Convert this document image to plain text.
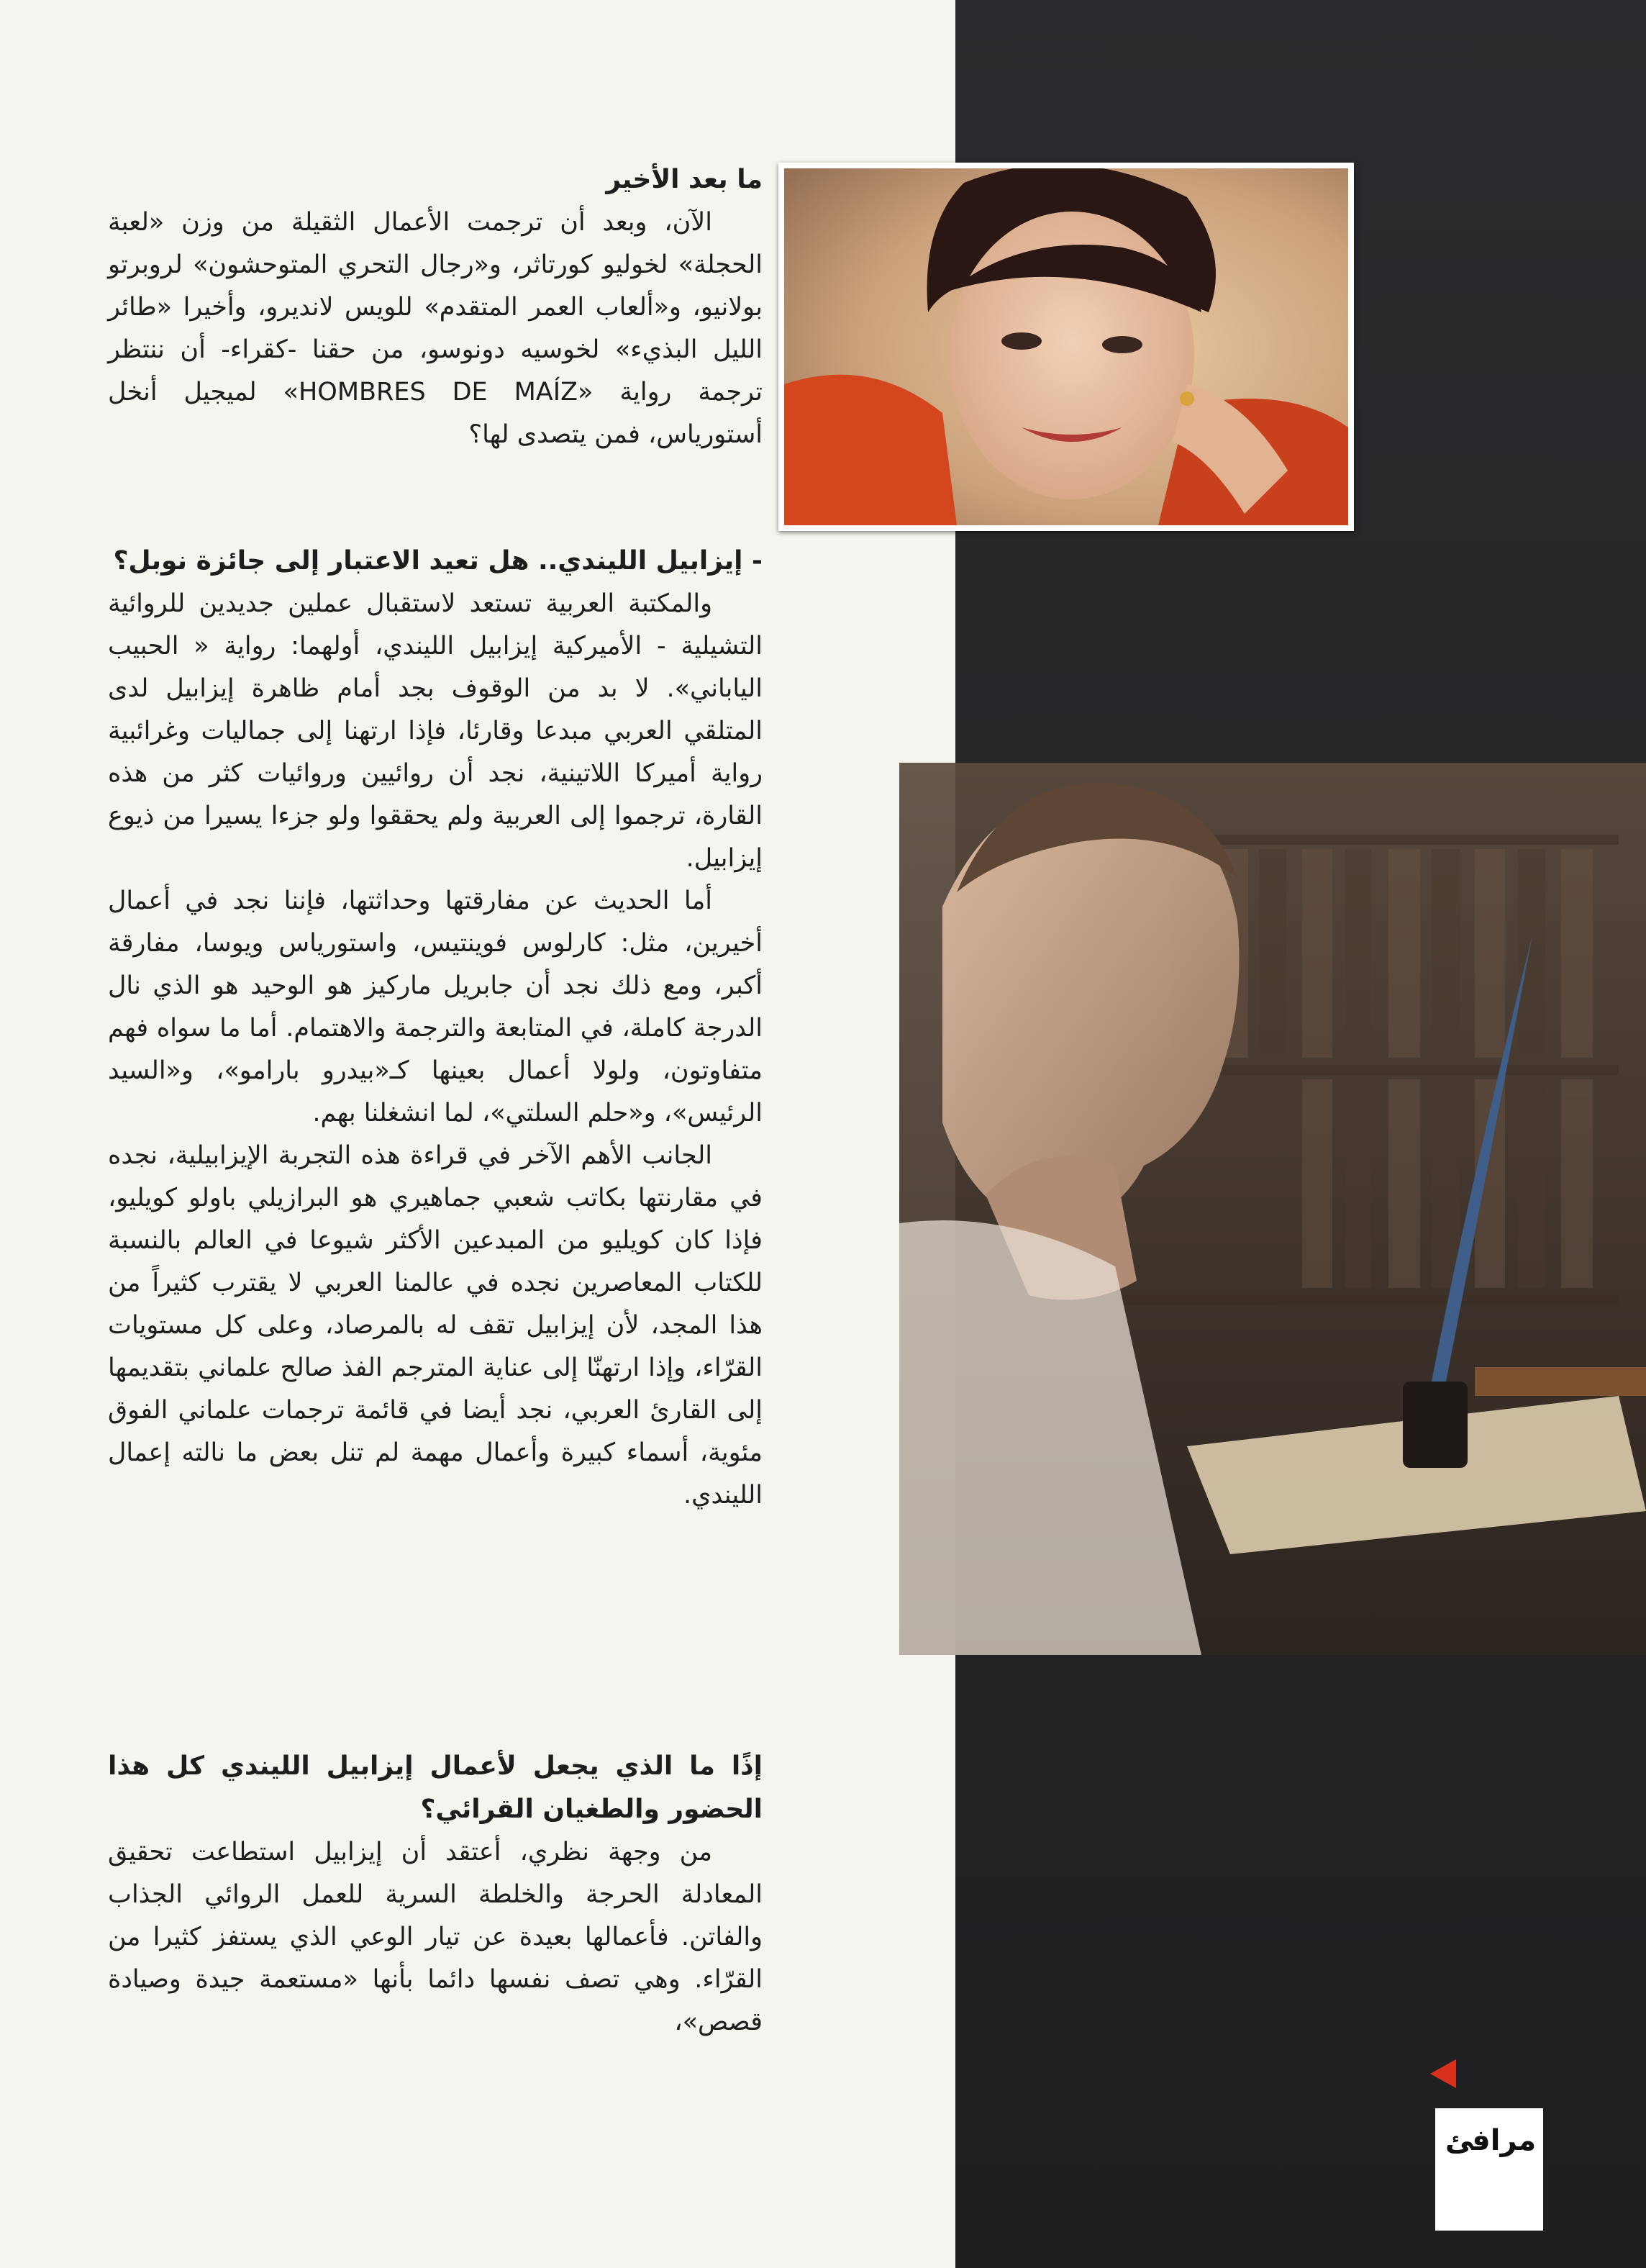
ما بعد الأخير

الآن، وبعد أن ترجمت الأعمال الثقيلة من وزن «لعبة الحجلة» لخوليو كورتاثر، و«رجال التحري المتوحشون» لروبرتو بولانيو، و«ألعاب العمر المتقدم» للويس لانديرو، وأخيرا «طائر الليل البذيء» لخوسيه دونوسو، من حقنا -كقراء- أن ننتظر ترجمة رواية «HOMBRES DE MAÍZ» لميجيل أنخل أستورياس، فمن يتصدى لها؟

- إيزابيل الليندي.. هل تعيد الاعتبار إلى جائزة نوبل؟

والمكتبة العربية تستعد لاستقبال عملين جديدين للروائية التشيلية - الأميركية إيزابيل الليندي، أولهما: رواية « الحبيب الياباني». لا بد من الوقوف بجد أمام ظاهرة إيزابيل لدى المتلقي العربي مبدعا وقارئا، فإذا ارتهنا إلى جماليات وغرائبية رواية أميركا اللاتينية، نجد أن روائيين وروائيات كثر من هذه القارة، ترجموا إلى العربية ولم يحققوا ولو جزءا يسيرا من ذيوع إيزابيل.

أما الحديث عن مفارقتها وحداثتها، فإننا نجد في أعمال أخيرين، مثل: كارلوس فوينتيس، واستورياس ويوسا، مفارقة أكبر، ومع ذلك نجد أن جابريل ماركيز هو الوحيد هو الذي نال الدرجة كاملة، في المتابعة والترجمة والاهتمام. أما ما سواه فهم متفاوتون، ولولا أعمال بعينها كـ«بيدرو بارامو»، و«السيد الرئيس»، و«حلم السلتي»، لما انشغلنا بهم.

الجانب الأهم الآخر في قراءة هذه التجربة الإيزابيلية، نجده في مقارنتها بكاتب شعبي جماهيري هو البرازيلي باولو كويليو، فإذا كان كويليو من المبدعين الأكثر شيوعا في العالم بالنسبة للكتاب المعاصرين نجده في عالمنا العربي لا يقترب كثيراً من هذا المجد، لأن إيزابيل تقف له بالمرصاد، وعلى كل مستويات القرّاء، وإذا ارتهنّا إلى عناية المترجم الفذ صالح علماني بتقديمها إلى القارئ العربي، نجد أيضا في قائمة ترجمات علماني الفوق مئوية، أسماء كبيرة وأعمال مهمة لم تنل بعض ما نالته إعمال الليندي.

إذًا ما الذي يجعل لأعمال إيزابيل الليندي كل هذا الحضور والطغيان القرائي؟

من وجهة نظري، أعتقد أن إيزابيل استطاعت تحقيق المعادلة الحرجة والخلطة السرية للعمل الروائي الجذاب والفاتن. فأعمالها بعيدة عن تيار الوعي الذي يستفز كثيرا من القرّاء. وهي تصف نفسها دائما بأنها «مستعمة جيدة وصيادة قصص»،

مرافئ
